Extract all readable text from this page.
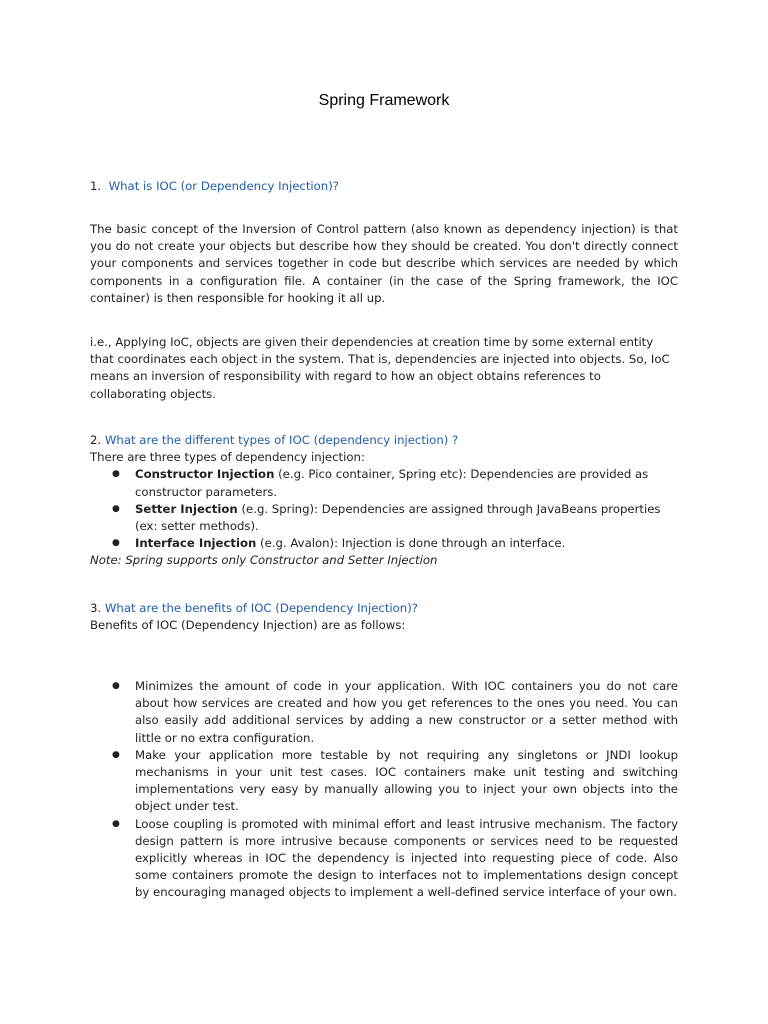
Spring Framework
1. What is IOC (or Dependency Injection)?

The basic concept of the Inversion of Control pattern (also known as dependency injection) is that you do not create your objects but describe how they should be created. You don't directly connect your components and services together in code but describe which services are needed by which components in a configuration file. A container (in the case of the Spring framework, the IOC container) is then responsible for hooking it all up.

i.e., Applying IoC, objects are given their dependencies at creation time by some external entity that coordinates each object in the system. That is, dependencies are injected into objects. So, IoC means an inversion of responsibility with regard to how an object obtains references to collaborating objects.

2. What are the different types of IOC (dependency injection) ?

There are three types of dependency injection:

● Constructor Injection (e.g. Pico container, Spring etc): Dependencies are provided as constructor parameters.
● Setter Injection (e.g. Spring): Dependencies are assigned through JavaBeans properties (ex: setter methods).
● Interface Injection (e.g. Avalon): Injection is done through an interface.

Note: Spring supports only Constructor and Setter Injection

3. What are the benefits of IOC (Dependency Injection)?

Benefits of IOC (Dependency Injection) are as follows:

● Minimizes the amount of code in your application. With IOC containers you do not care about how services are created and how you get references to the ones you need. You can also easily add additional services by adding a new constructor or a setter method with little or no extra configuration.
● Make your application more testable by not requiring any singletons or JNDI lookup mechanisms in your unit test cases. IOC containers make unit testing and switching implementations very easy by manually allowing you to inject your own objects into the object under test.
● Loose coupling is promoted with minimal effort and least intrusive mechanism. The factory design pattern is more intrusive because components or services need to be requested explicitly whereas in IOC the dependency is injected into requesting piece of code. Also some containers promote the design to interfaces not to implementations design concept by encouraging managed objects to implement a well-defined service interface of your own.
